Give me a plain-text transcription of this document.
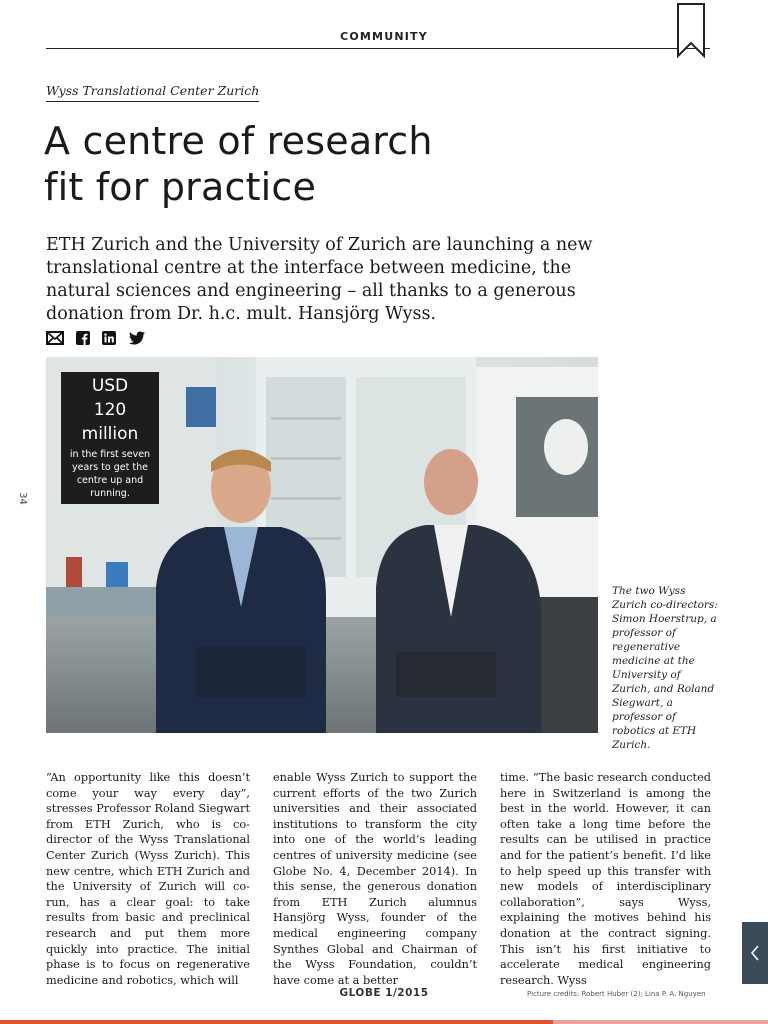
COMMUNITY
Wyss Translational Center Zurich
A centre of research
fit for practice
ETH Zurich and the University of Zurich are launching a new translational centre at the interface between medicine, the natural sciences and engineering – all thanks to a generous donation from Dr. h.c. mult. Hansjörg Wyss.
34
USD
120
million
in the first seven years to get the centre up and running.
The two Wyss Zurich co-directors: Simon Hoerstrup, a professor of regenerative medicine at the University of Zurich, and Roland Siegwart, a professor of robotics at ETH Zurich.
“An opportunity like this doesn’t come your way every day”, stresses Professor Roland Siegwart from ETH Zurich, who is co-director of the Wyss Translational Center Zurich (Wyss Zurich). This new centre, which ETH Zurich and the University of Zurich will co-run, has a clear goal: to take results from basic and preclinical research and put them more quickly into practice. The initial phase is to focus on regenerative medicine and robotics, which will
enable Wyss Zurich to support the current efforts of the two Zurich universities and their associated institutions to transform the city into one of the world’s leading centres of university medicine (see Globe No. 4, December 2014). In this sense, the generous donation from ETH Zurich alumnus Hansjörg Wyss, founder of the medical engineering company Synthes Global and Chairman of the Wyss Foundation, couldn’t have come at a better
time. “The basic research conducted here in Switzerland is among the best in the world. However, it can often take a long time before the results can be utilised in practice and for the patient’s benefit. I’d like to help speed up this transfer with new models of interdisciplinary collaboration”, says Wyss, explaining the motives behind his donation at the contract signing. This isn’t his first initiative to accelerate medical engineering research. Wyss
GLOBE 1/2015	Picture credits: Robert Huber (2); Lina P. A. Nguyen
